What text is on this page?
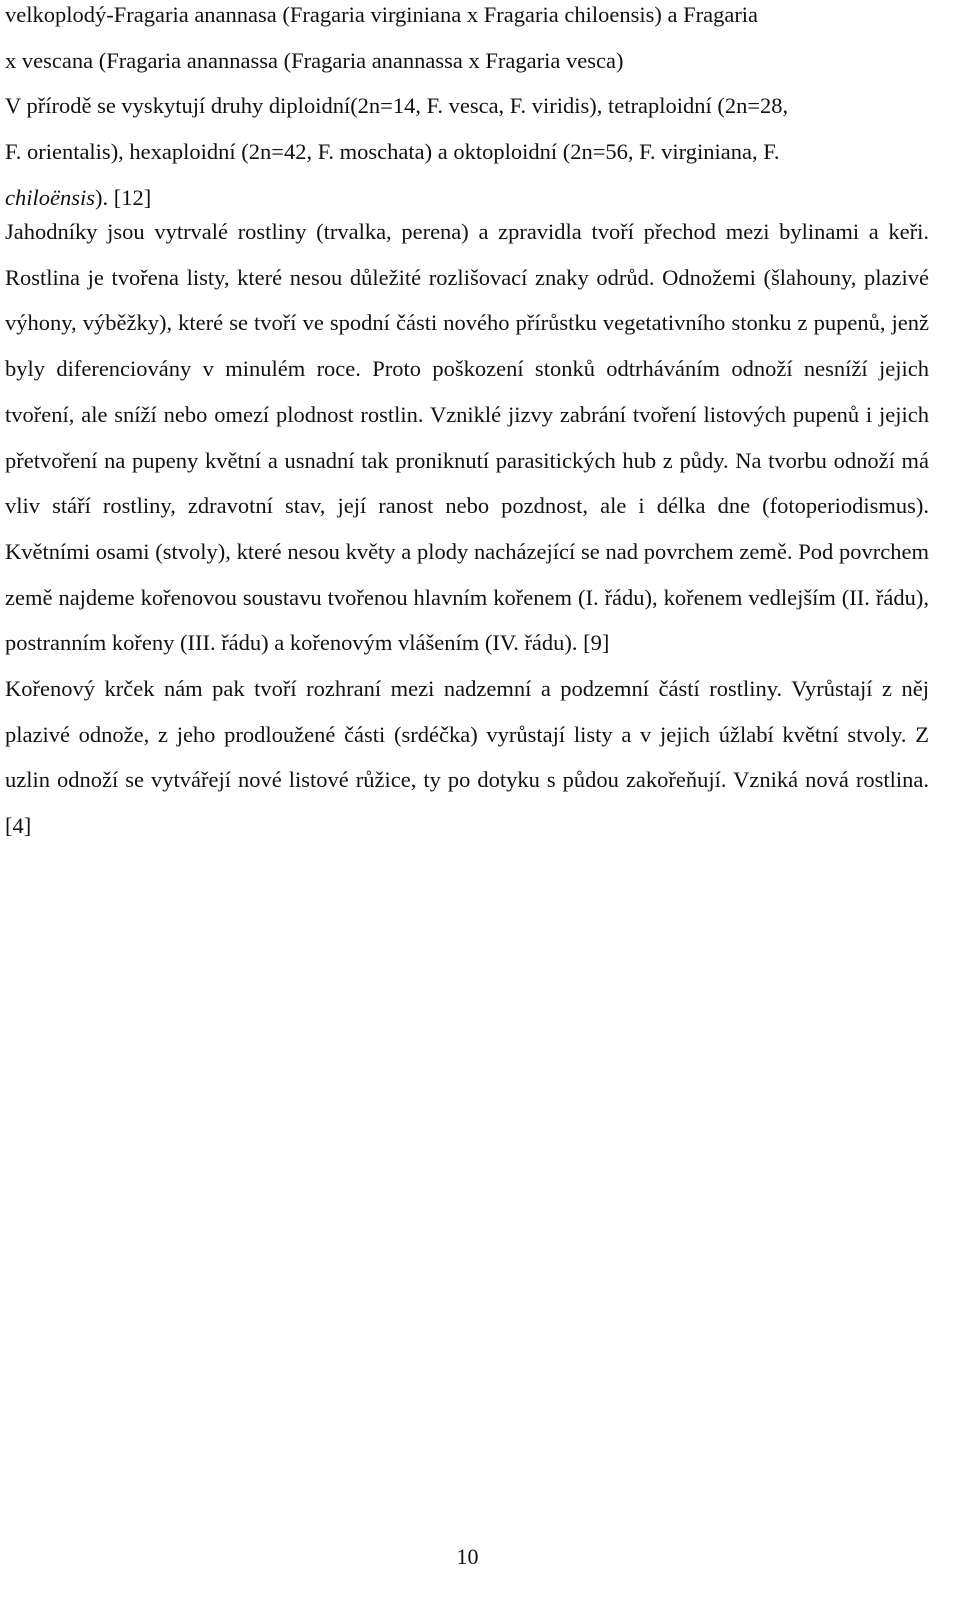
velkoplodý-Fragaria anannasa (Fragaria virginiana x Fragaria chiloensis) a Fragaria
x vescana (Fragaria anannassa (Fragaria anannassa x Fragaria vesca)
V přírodě se vyskytují druhy diploidní(2n=14, F. vesca, F. viridis), tetraploidní (2n=28,
F. orientalis), hexaploidní (2n=42, F. moschata) a oktoploidní (2n=56, F. virginiana, F.
chiloënsis). [12]

Jahodníky jsou vytrvalé rostliny (trvalka, perena) a zpravidla tvoří přechod mezi bylinami a keři. Rostlina je tvořena listy, které nesou důležité rozlišovací znaky odrůd. Odnožemi (šlahouny, plazivé výhony, výběžky), které se tvoří ve spodní části nového přírůstku vegetativního stonku z pupenů, jenž byly diferenciovány v minulém roce. Proto poškození stonků odtrháváním odnoží nesníží jejich tvoření, ale sníží nebo omezí plodnost rostlin. Vzniklé jizvy zabrání tvoření listových pupenů i jejich přetvoření na pupeny květní a usnadní tak proniknutí parasitických hub z půdy. Na tvorbu odnoží má vliv stáří rostliny, zdravotní stav, její ranost nebo pozdnost, ale i délka dne (fotoperiodismus). Květními osami (stvoly), které nesou květy a plody nacházející se nad povrchem země. Pod povrchem země najdeme kořenovou soustavu tvořenou hlavním kořenem (I. řádu), kořenem vedlejším (II. řádu), postranním kořeny (III. řádu) a kořenovým vlášením (IV. řádu). [9]

Kořenový krček nám pak tvoří rozhraní mezi nadzemní a podzemní částí rostliny. Vyrůstají z něj plazivé odnože, z jeho prodloužené části (srdéčka) vyrůstají listy a v jejich úžlabí květní stvoly. Z uzlin odnoží se vytvářejí nové listové růžice, ty po dotyku s půdou zakořeňují. Vzniká nová rostlina. [4]

10
